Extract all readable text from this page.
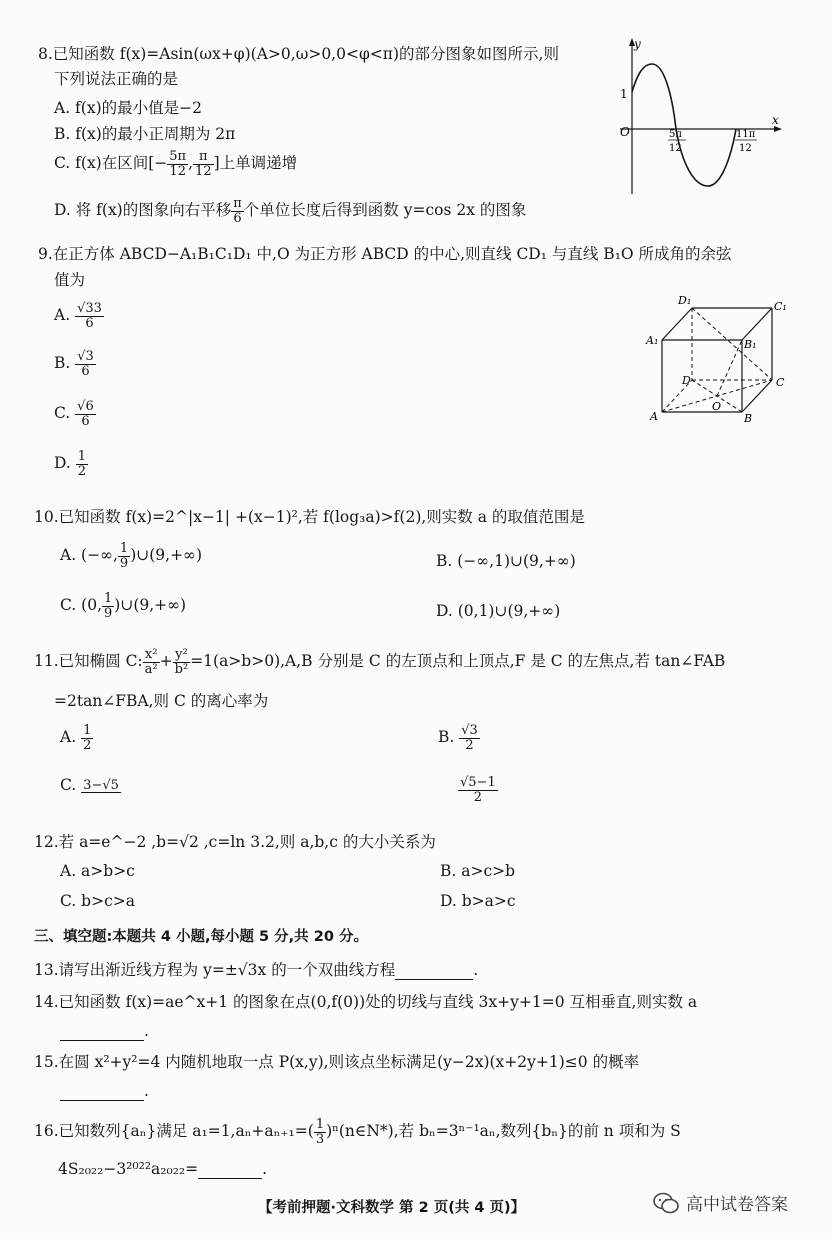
8.已知函数 f(x)=Asin(ωx+φ)(A>0,ω>0,0<φ<π)的部分图象如图所示,则
下列说法正确的是
A. f(x)的最小值是−2
B. f(x)的最小正周期为 2π
C. f(x)在区间[− $\frac{5\pi}{12}$ , $\frac{\pi}{12}$ ]上单调递增
D. 将 f(x)的图象向右平移 $\frac{\pi}{6}$ 个单位长度后得到函数 y=cos 2x 的图象
y
x
O
1
5π
12
11π
12
9.在正方体 ABCD−A₁B₁C₁D₁ 中,O 为正方形 ABCD 的中心,则直线 CD₁ 与直线 B₁O 所成角的余弦
值为
A. $\frac{√33}{6}$
B. $\frac{√3}{6}$
C. $\frac{√6}{6}$
D. $\frac{1}{2}$
D₁	C₁
A₁	B₁
D	C
A	B
O
10.已知函数 f(x)=2^|x−1| +(x−1)²,若 f(log₃a)>f(2),则实数 a 的取值范围是
A. (−∞, $\frac{1}{9}$ )∪(9,+∞)	B. (−∞,1)∪(9,+∞)
C. (0, $\frac{1}{9}$ )∪(9,+∞)	D. (0,1)∪(9,+∞)
11.已知椭圆 C: $\frac{\text{x²}}{\text{a²}} + \frac{\text{y²}}{\text{b²}} =1(a>b>0),A,B$ 分别是 C 的左顶点和上顶点,F 是 C 的左焦点,若 tan∠FAB
=2tan∠FBA,则 C 的离心率为
A. $\frac{1}{2}$	B. $\frac{√3}{2}$
C. 3−√5	$\frac{√5-1}{2}$
12.若 a=e^−2 ,b=√2 ,c=ln 3.2,则 a,b,c 的大小关系为
A. a>b>c	B. a>c>b
C. b>c>a	D. b>a>c
三、填空题:本题共 4 小题,每小题 5 分,共 20 分。
13.请写出渐近线方程为 y=±√3x 的一个双曲线方程	.
14.已知函数 f(x)=ae^x+1 的图象在点(0,f(0))处的切线与直线 3x+y+1=0 互相垂直,则实数 a
.
15.在圆 x²+y²=4 内随机地取一点 P(x,y),则该点坐标满足(y−2x)(x+2y+1)≤0 的概率
.
16.已知数列{aₙ}满足 $a_1=1,a_n+a_{n+1}=( \frac{1}{3}$ )ⁿ(n∈N*),若 bₙ=3ⁿ⁻¹aₙ,数列{bₙ}的前 n 项和为 S
4S₂₀₂₂−3²⁰²²a₂₀₂₂=	.
【考前押题·文科数学 第 2 页(共 4 页)】	高中试卷答案
